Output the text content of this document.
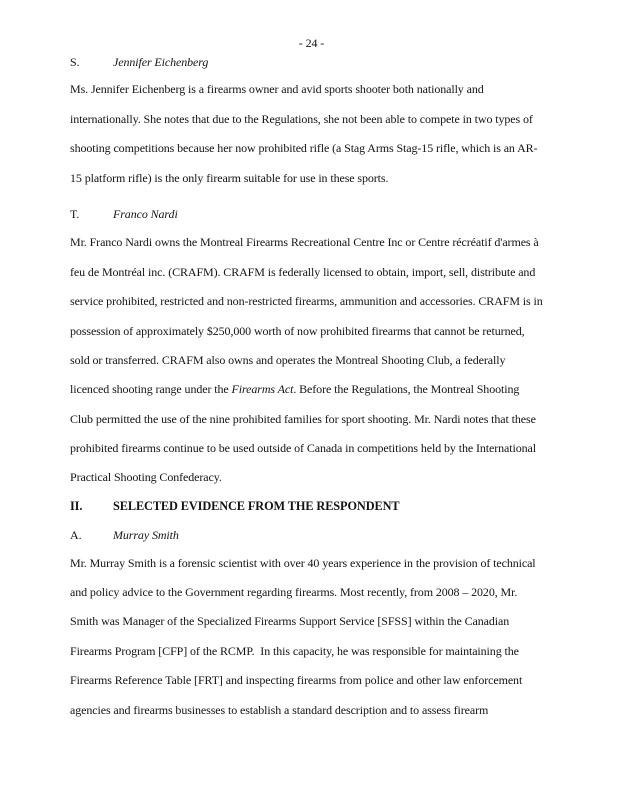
- 24 -
S.	Jennifer Eichenberg
Ms. Jennifer Eichenberg is a firearms owner and avid sports shooter both nationally and
internationally. She notes that due to the Regulations, she not been able to compete in two types of
shooting competitions because her now prohibited rifle (a Stag Arms Stag-15 rifle, which is an AR-
15 platform rifle) is the only firearm suitable for use in these sports.
T.	Franco Nardi
Mr. Franco Nardi owns the Montreal Firearms Recreational Centre Inc or Centre récréatif d'armes à
feu de Montréal inc. (CRAFM). CRAFM is federally licensed to obtain, import, sell, distribute and
service prohibited, restricted and non-restricted firearms, ammunition and accessories. CRAFM is in
possession of approximately $250,000 worth of now prohibited firearms that cannot be returned,
sold or transferred. CRAFM also owns and operates the Montreal Shooting Club, a federally
licenced shooting range under the Firearms Act. Before the Regulations, the Montreal Shooting
Club permitted the use of the nine prohibited families for sport shooting. Mr. Nardi notes that these
prohibited firearms continue to be used outside of Canada in competitions held by the International
Practical Shooting Confederacy.
II. SELECTED EVIDENCE FROM THE RESPONDENT
A.	Murray Smith
Mr. Murray Smith is a forensic scientist with over 40 years experience in the provision of technical
and policy advice to the Government regarding firearms. Most recently, from 2008 – 2020, Mr.
Smith was Manager of the Specialized Firearms Support Service [SFSS] within the Canadian
Firearms Program [CFP] of the RCMP.  In this capacity, he was responsible for maintaining the
Firearms Reference Table [FRT] and inspecting firearms from police and other law enforcement
agencies and firearms businesses to establish a standard description and to assess firearm
